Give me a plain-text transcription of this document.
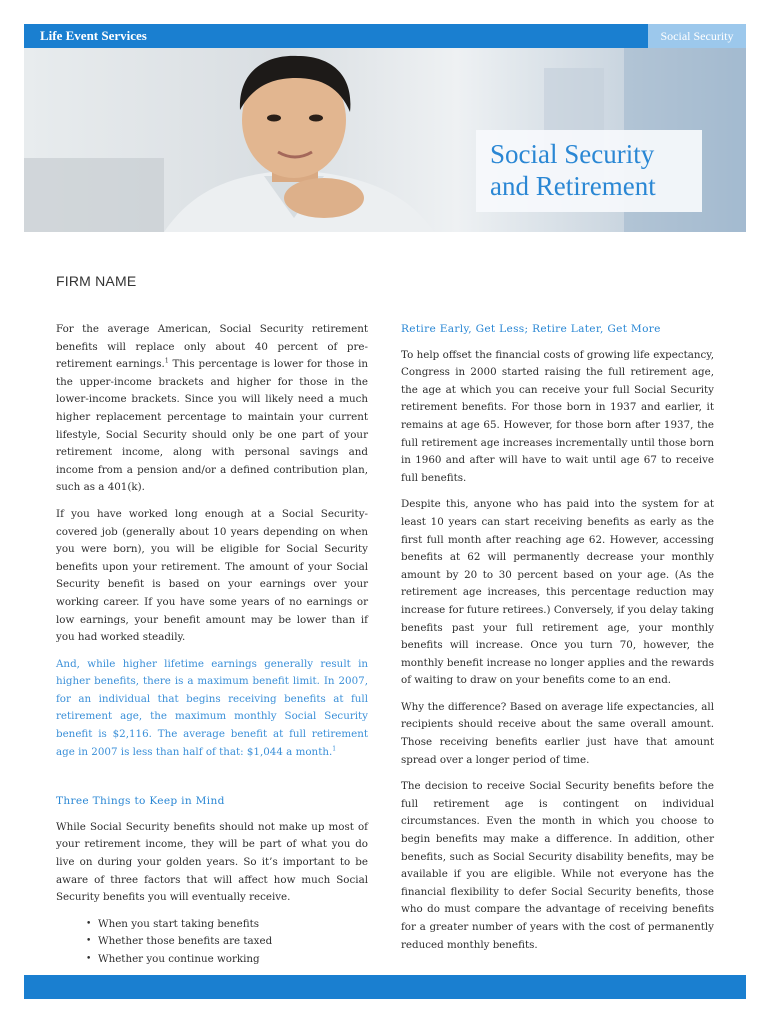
Life Event Services	Social Security
Social Security
and Retirement
FIRM NAME

For the average American, Social Security retirement benefits will replace only about 40 percent of pre-retirement earnings.$^1$ This percentage is lower for those in the upper-income brackets and higher for those in the lower-income brackets. Since you will likely need a much higher replacement percentage to maintain your current lifestyle, Social Security should only be one part of your retirement income, along with personal savings and income from a pension and/or a defined contribution plan, such as a 401(k).

If you have worked long enough at a Social Security-covered job (generally about 10 years depending on when you were born), you will be eligible for Social Security benefits upon your retirement. The amount of your Social Security benefit is based on your earnings over your working career. If you have some years of no earnings or low earnings, your benefit amount may be lower than if you had worked steadily.

And, while higher lifetime earnings generally result in higher benefits, there is a maximum benefit limit. In 2007, for an individual that begins receiving benefits at full retirement age, the maximum monthly Social Security benefit is $2,116. The average benefit at full retirement age in 2007 is less than half of that: $1,044 a month.$^1$

Three Things to Keep in Mind

While Social Security benefits should not make up most of your retirement income, they will be part of what you do live on during your golden years. So it’s important to be aware of three factors that will affect how much Social Security benefits you will eventually receive.

• When you start taking benefits
• Whether those benefits are taxed
• Whether you continue working
Retire Early, Get Less; Retire Later, Get More

To help offset the financial costs of growing life expectancy, Congress in 2000 started raising the full retirement age, the age at which you can receive your full Social Security retirement benefits. For those born in 1937 and earlier, it remains at age 65. However, for those born after 1937, the full retirement age increases incrementally until those born in 1960 and after will have to wait until age 67 to receive full benefits.

Despite this, anyone who has paid into the system for at least 10 years can start receiving benefits as early as the first full month after reaching age 62. However, accessing benefits at 62 will permanently decrease your monthly amount by 20 to 30 percent based on your age. (As the retirement age increases, this percentage reduction may increase for future retirees.) Conversely, if you delay taking benefits past your full retirement age, your monthly benefits will increase. Once you turn 70, however, the monthly benefit increase no longer applies and the rewards of waiting to draw on your benefits come to an end.

Why the difference? Based on average life expectancies, all recipients should receive about the same overall amount. Those receiving benefits earlier just have that amount spread over a longer period of time.

The decision to receive Social Security benefits before the full retirement age is contingent on individual circumstances. Even the month in which you choose to begin benefits may make a difference. In addition, other benefits, such as Social Security disability benefits, may be available if you are eligible. While not everyone has the financial flexibility to defer Social Security benefits, those who do must compare the advantage of receiving benefits for a greater number of years with the cost of permanently reduced monthly benefits.
